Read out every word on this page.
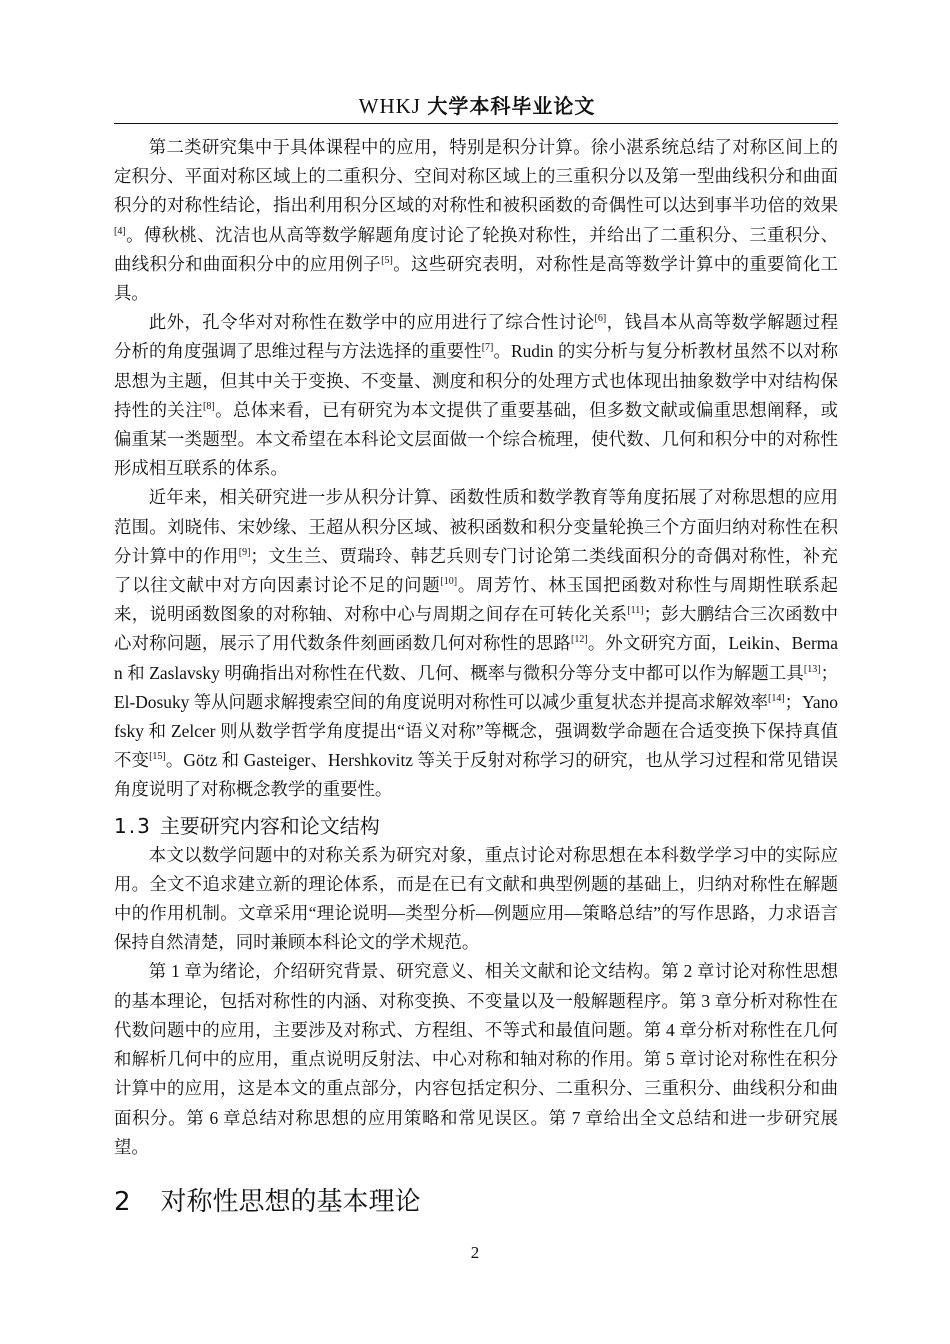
WHKJ 大学本科毕业论文

第二类研究集中于具体课程中的应用，特别是积分计算。徐小湛系统总结了对称区间上的定积分、平面对称区域上的二重积分、空间对称区域上的三重积分以及第一型曲线积分和曲面积分的对称性结论，指出利用积分区域的对称性和被积函数的奇偶性可以达到事半功倍的效果[4]。傅秋桃、沈洁也从高等数学解题角度讨论了轮换对称性，并给出了二重积分、三重积分、曲线积分和曲面积分中的应用例子[5]。这些研究表明，对称性是高等数学计算中的重要简化工具。

此外，孔令华对对称性在数学中的应用进行了综合性讨论[6]，钱昌本从高等数学解题过程分析的角度强调了思维过程与方法选择的重要性[7]。Rudin 的实分析与复分析教材虽然不以对称思想为主题，但其中关于变换、不变量、测度和积分的处理方式也体现出抽象数学中对结构保持性的关注[8]。总体来看，已有研究为本文提供了重要基础，但多数文献或偏重思想阐释，或偏重某一类题型。本文希望在本科论文层面做一个综合梳理，使代数、几何和积分中的对称性形成相互联系的体系。

近年来，相关研究进一步从积分计算、函数性质和数学教育等角度拓展了对称思想的应用范围。刘晓伟、宋妙缘、王超从积分区域、被积函数和积分变量轮换三个方面归纳对称性在积分计算中的作用[9]；文生兰、贾瑞玲、韩艺兵则专门讨论第二类线面积分的奇偶对称性，补充了以往文献中对方向因素讨论不足的问题[10]。周芳竹、林玉国把函数对称性与周期性联系起来，说明函数图象的对称轴、对称中心与周期之间存在可转化关系[11]；彭大鹏结合三次函数中心对称问题，展示了用代数条件刻画函数几何对称性的思路[12]。外文研究方面，Leikin、Berman 和 Zaslavsky 明确指出对称性在代数、几何、概率与微积分等分支中都可以作为解题工具[13]；El-Dosuky 等从问题求解搜索空间的角度说明对称性可以减少重复状态并提高求解效率[14]；Yanofsky 和 Zelcer 则从数学哲学角度提出“语义对称”等概念，强调数学命题在合适变换下保持真值不变[15]。Götz 和 Gasteiger、Hershkovitz 等关于反射对称学习的研究，也从学习过程和常见错误角度说明了对称概念教学的重要性。

1.3 主要研究内容和论文结构

本文以数学问题中的对称关系为研究对象，重点讨论对称思想在本科数学学习中的实际应用。全文不追求建立新的理论体系，而是在已有文献和典型例题的基础上，归纳对称性在解题中的作用机制。文章采用“理论说明—类型分析—例题应用—策略总结”的写作思路，力求语言保持自然清楚，同时兼顾本科论文的学术规范。

第 1 章为绪论，介绍研究背景、研究意义、相关文献和论文结构。第 2 章讨论对称性思想的基本理论，包括对称性的内涵、对称变换、不变量以及一般解题程序。第 3 章分析对称性在代数问题中的应用，主要涉及对称式、方程组、不等式和最值问题。第 4 章分析对称性在几何和解析几何中的应用，重点说明反射法、中心对称和轴对称的作用。第 5 章讨论对称性在积分计算中的应用，这是本文的重点部分，内容包括定积分、二重积分、三重积分、曲线积分和曲面积分。第 6 章总结对称思想的应用策略和常见误区。第 7 章给出全文总结和进一步研究展望。

2 对称性思想的基本理论
2
